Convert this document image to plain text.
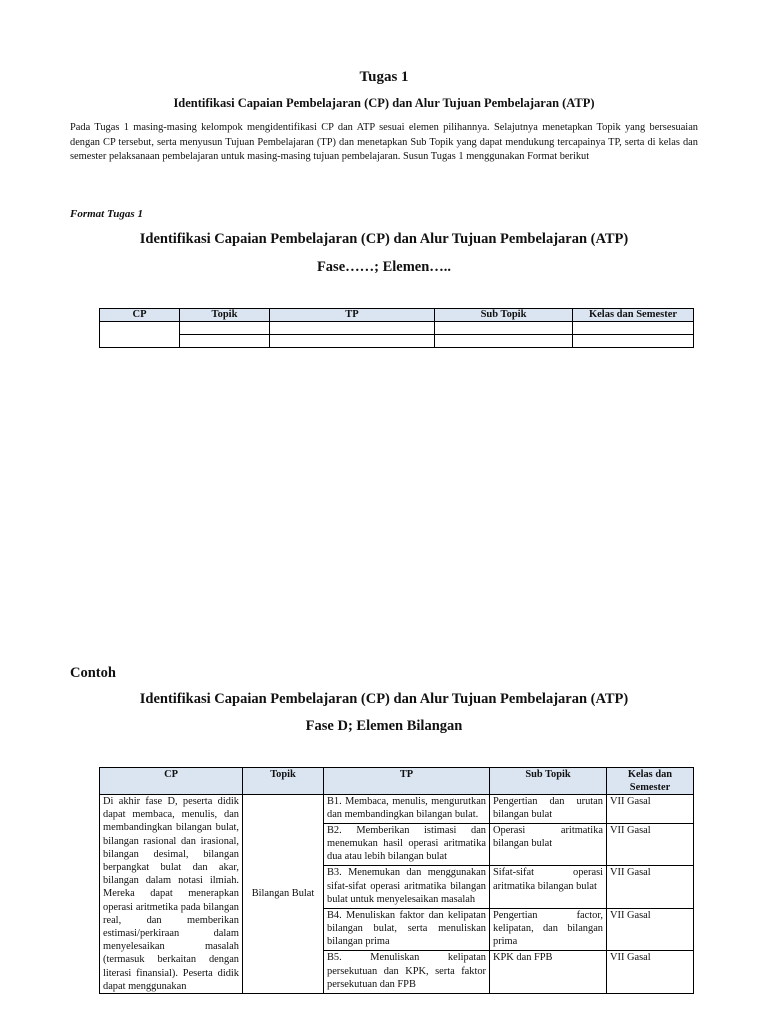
Tugas 1
Identifikasi Capaian Pembelajaran (CP) dan Alur Tujuan Pembelajaran (ATP)
Pada Tugas 1 masing-masing kelompok mengidentifikasi CP dan ATP sesuai elemen pilihannya. Selajutnya menetapkan Topik yang bersesuaian dengan CP tersebut, serta menyusun Tujuan Pembelajaran (TP) dan menetapkan Sub Topik yang dapat mendukung tercapainya TP, serta di kelas dan semester pelaksanaan pembelajaran untuk masing-masing tujuan pembelajaran. Susun Tugas 1 menggunakan Format berikut
Format Tugas 1
Identifikasi Capaian Pembelajaran (CP) dan Alur Tujuan Pembelajaran (ATP)
Fase……; Elemen…..
CP	Topik	TP	Sub Topik	Kelas dan Semester

Contoh
Identifikasi Capaian Pembelajaran (CP) dan Alur Tujuan Pembelajaran (ATP)
Fase D; Elemen Bilangan
CP	Topik	TP	Sub Topik	Kelas dan Semester
Di akhir fase D, peserta didik dapat membaca, menulis, dan membandingkan bilangan bulat, bilangan rasional dan irasional, bilangan desimal, bilangan berpangkat bulat dan akar, bilangan dalam notasi ilmiah. Mereka dapat menerapkan operasi aritmetika pada bilangan real, dan memberikan estimasi/perkiraan dalam menyelesaikan masalah (termasuk berkaitan dengan literasi finansial). Peserta didik dapat menggunakan	Bilangan Bulat	B1. Membaca, menulis, mengurutkan dan membandingkan bilangan bulat.	Pengertian dan urutan bilangan bulat	VII Gasal
		B2. Memberikan istimasi dan menemukan hasil operasi aritmatika dua atau lebih bilangan bulat	Operasi aritmatika bilangan bulat	VII Gasal
		B3. Menemukan dan menggunakan sifat-sifat operasi aritmatika bilangan bulat untuk menyelesaikan masalah	Sifat-sifat operasi aritmatika bilangan bulat	VII Gasal
		B4. Menuliskan faktor dan kelipatan bilangan bulat, serta menuliskan bilangan prima	Pengertian factor, kelipatan, dan bilangan prima	VII Gasal
		B5. Menuliskan kelipatan persekutuan dan KPK, serta faktor persekutuan dan FPB	KPK dan FPB	VII Gasal
